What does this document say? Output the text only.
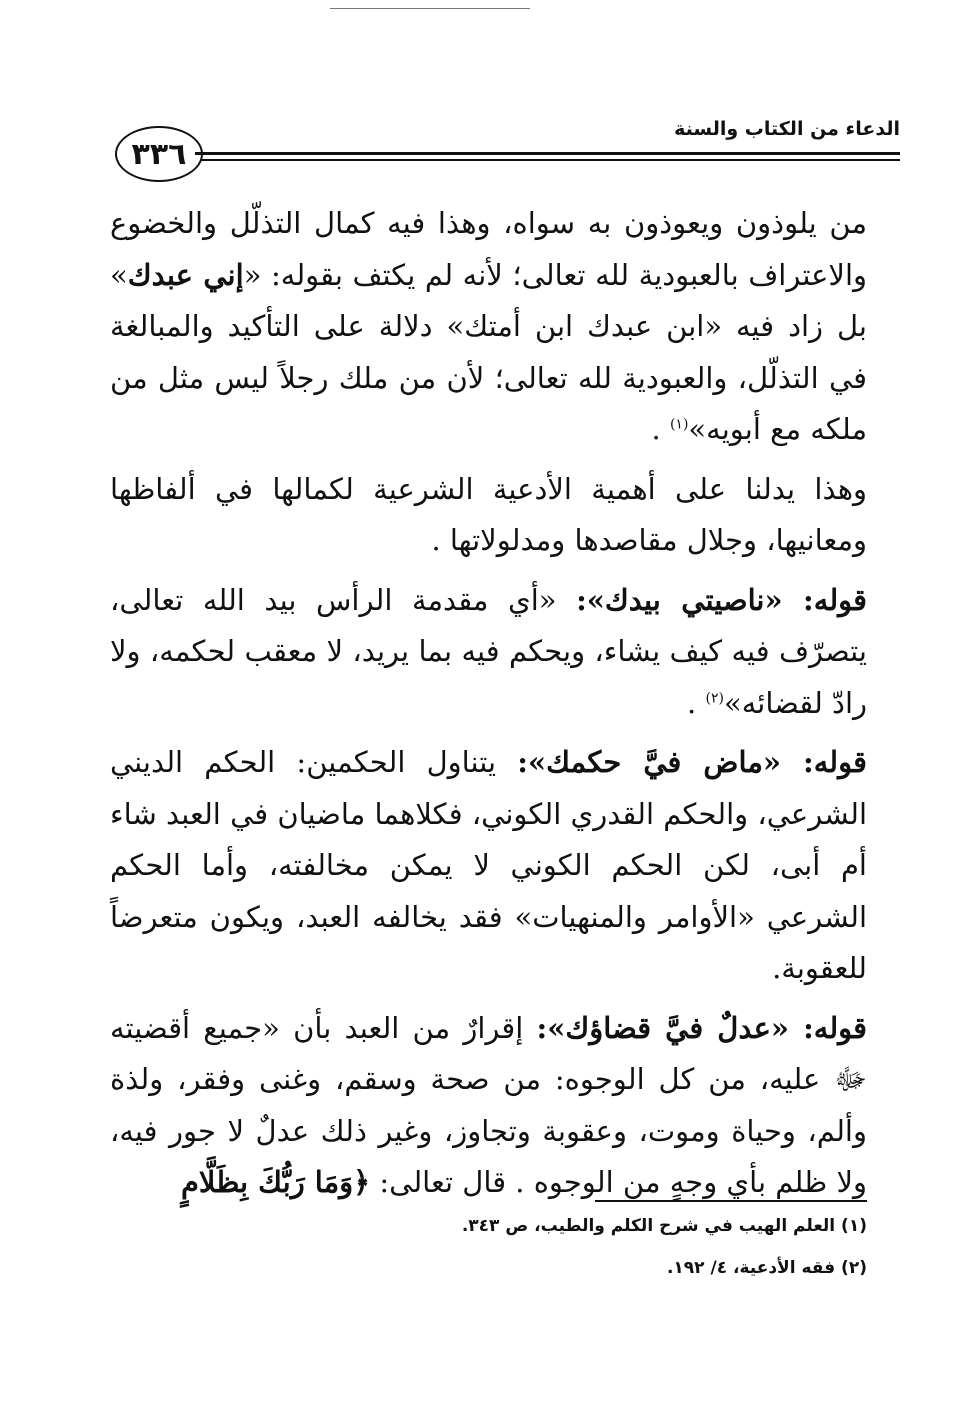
٣٣٦
الدعاء من الكتاب والسنة

من يلوذون ويعوذون به سواه، وهذا فيه كمال التذلّل والخضوع والاعتراف بالعبودية لله تعالى؛ لأنه لم يكتف بقوله: «إني عبدك» بل زاد فيه «ابن عبدك ابن أمتك» دلالة على التأكيد والمبالغة في التذلّل، والعبودية لله تعالى؛ لأن من ملك رجلاً ليس مثل من ملكه مع أبويه»$^{(١)}$ .

وهذا يدلنا على أهمية الأدعية الشرعية لكمالها في ألفاظها ومعانيها، وجلال مقاصدها ومدلولاتها .

قوله: «ناصيتي بيدك»: «أي مقدمة الرأس بيد الله تعالى، يتصرّف فيه كيف يشاء، ويحكم فيه بما يريد، لا معقب لحكمه، ولا رادّ لقضائه»$^{(٢)}$ .

قوله: «ماض فيَّ حكمك»: يتناول الحكمين: الحكم الديني الشرعي، والحكم القدري الكوني، فكلاهما ماضيان في العبد شاء أم أبى، لكن الحكم الكوني لا يمكن مخالفته، وأما الحكم الشرعي «الأوامر والمنهيات» فقد يخالفه العبد، ويكون متعرضاً للعقوبة.

قوله: «عدلٌ فيَّ قضاؤك»: إقرارٌ من العبد بأن «جميع أقضيته ﷻ عليه، من كل الوجوه: من صحة وسقم، وغنى وفقر، ولذة وألم، وحياة وموت، وعقوبة وتجاوز، وغير ذلك عدلٌ لا جور فيه، ولا ظلم بأي وجهٍ من الوجوه . قال تعالى: ﴿وَمَا رَبُّكَ بِظَلَّامٍ

(١) العلم الهيب في شرح الكلم والطيب، ص ٣٤٣.

(٢) فقه الأدعية، ٤/ ١٩٢.
